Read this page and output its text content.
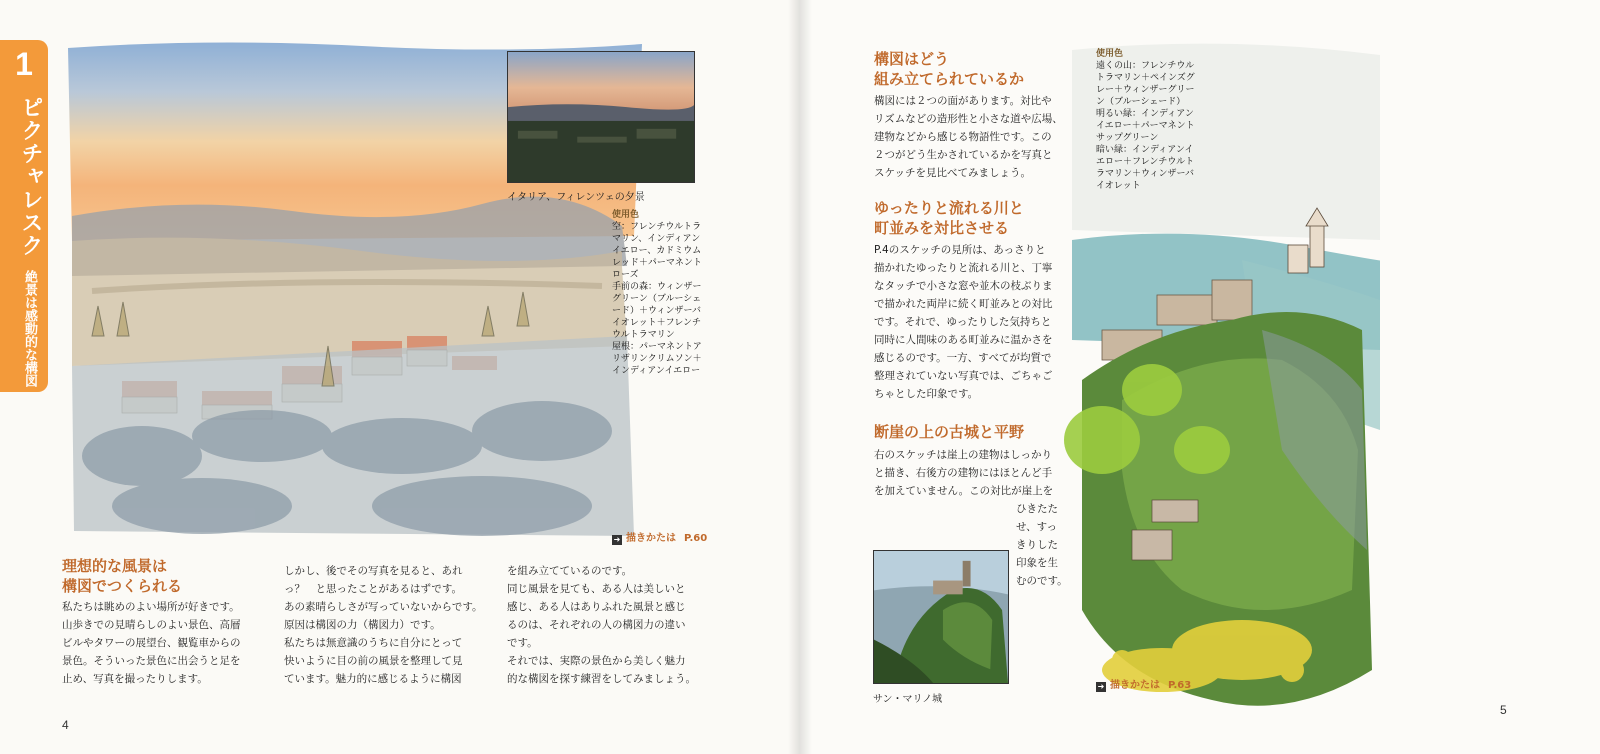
1
ピクチャレスク
絶景は感動的な構図
イタリア、フィレンツェの夕景
使用色
空：フレンチウルトラ
マリン、インディアン
イエロー、カドミウム
レッド＋パーマネント
ローズ
手前の森：ウィンザー
グリーン（ブルーシェ
ード）＋ウィンザーバ
イオレット＋フレンチ
ウルトラマリン
屋根：パーマネントア
リザリンクリムソン＋
インディアンイエロー
➜ 描きかたは P.60
理想的な風景は
構図でつくられる

私たちは眺めのよい場所が好きです。

山歩きでの見晴らしのよい景色、高層

ビルやタワーの展望台、観覧車からの

景色。そういった景色に出会うと足を

止め、写真を撮ったりします。

しかし、後でその写真を見ると、あれ

っ？　と思ったことがあるはずです。

あの素晴らしさが写っていないからです。

原因は構図の力（構図力）です。

私たちは無意識のうちに自分にとって

快いように目の前の風景を整理して見

ています。魅力的に感じるように構図

を組み立てているのです。

同じ風景を見ても、ある人は美しいと

感じ、ある人はありふれた風景と感じ

るのは、それぞれの人の構図力の違い

です。

それでは、実際の景色から美しく魅力

的な構図を探す練習をしてみましょう。

4
構図はどう
組み立てられているか

構図には２つの面があります。対比や

リズムなどの造形性と小さな道や広場、

建物などから感じる物語性です。この

２つがどう生かされているかを写真と

スケッチを見比べてみましょう。

ゆったりと流れる川と
町並みを対比させる

P.4のスケッチの見所は、あっさりと

描かれたゆったりと流れる川と、丁寧

なタッチで小さな窓や並木の枝ぶりま

で描かれた両岸に続く町並みとの対比

です。それで、ゆったりした気持ちと

同時に人間味のある町並みに温かさを

感じるのです。一方、すべてが均質で

整理されていない写真では、ごちゃご

ちゃとした印象です。

断崖の上の古城と平野

右のスケッチは崖上の建物はしっかり

と描き、右後方の建物にはほとんど手

を加えていません。この対比が崖上を

ひきたた

せ、すっ

きりした

印象を生

むのです。

使用色
遠くの山：フレンチウル
トラマリン＋ペインズグ
レー＋ウィンザーグリー
ン（ブルーシェード）
明るい緑：インディアン
イエロー＋パーマネント
サップグリーン
暗い緑：インディアンイ
エロー＋フレンチウルト
ラマリン＋ウィンザーバ
イオレット
サン・マリノ城
➜ 描きかたは P.63
5
